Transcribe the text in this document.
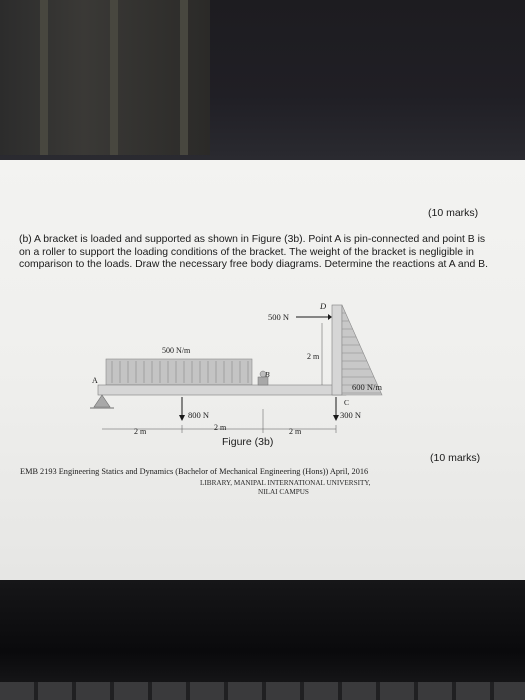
(10 marks)
(b) A bracket is loaded and supported as shown in Figure (3b). Point A is pin-connected and point B is on a roller to support the loading conditions of the bracket. The weight of the bracket is negligible in comparison to the loads. Draw the necessary free body diagrams. Determine the reactions at A and B.
A
B
C
D
500 N
500 N/m
2 m
600 N/m
800 N	300 N
2 m	2 m	2 m
Figure (3b)
(10 marks)
EMB 2193 Engineering Statics and Dynamics (Bachelor of Mechanical Engineering (Hons)) April, 2016
LIBRARY, MANIPAL INTERNATIONAL UNIVERSITY,
NILAI CAMPUS
